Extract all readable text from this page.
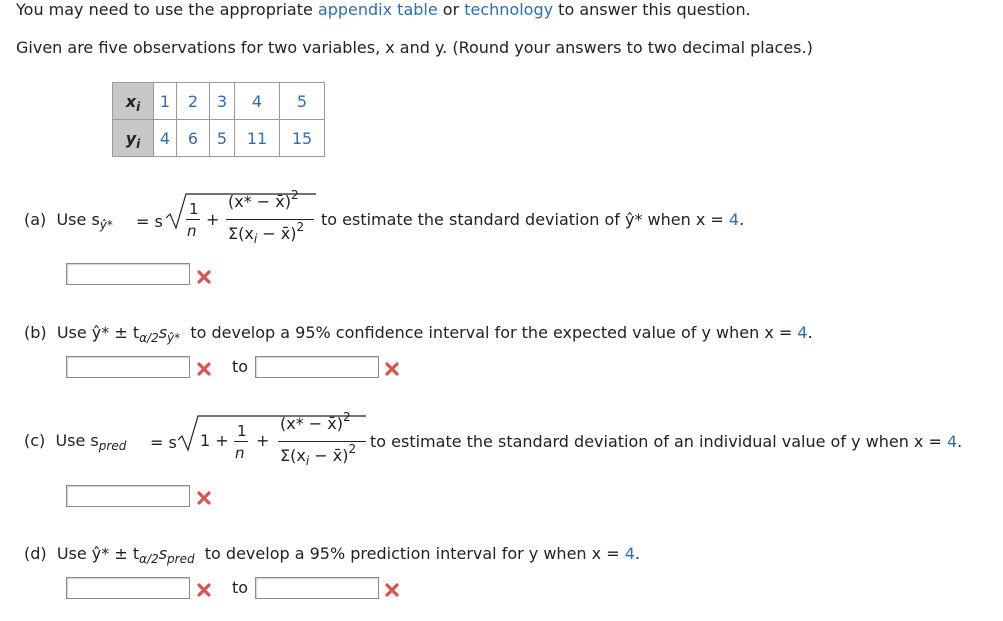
You may need to use the appropriate appendix table or technology to answer this question.
Given are five observations for two variables, x and y. (Round your answers to two decimal places.)
$x_i$	1	2	3	4	5
$y_i$	4	6	5	11	15
(a) Use $s_{ŷ*} = s$
1
n
+
(x* − x̄)$^2$
$\Sigma(x_i$ − x̄)$^2$ to estimate the standard deviation of ŷ* when x = 4.
(b) Use ŷ* ± $t_{\alpha/2}s_{ŷ*}$ to develop a 95% confidence interval for the expected value of y when x = 4.
to
(c) Use $s_{pred} = s$ 1 + 1
n
+
(x* − x̄)$^2$
$\Sigma(x_i$ − x̄)$^2$ to estimate the standard deviation of an individual value of y when x = 4.
(d) Use ŷ* ± $t_{\alpha/2}s_{pred}$ to develop a 95% prediction interval for y when x = 4.
to
